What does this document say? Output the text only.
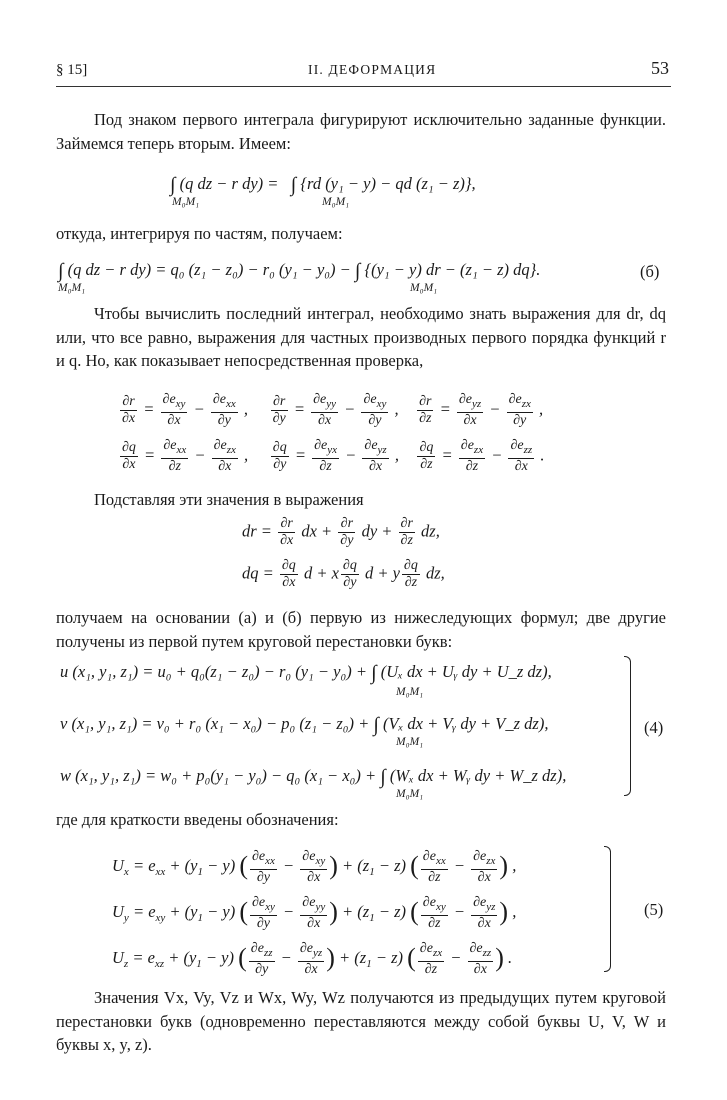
§ 15]	II. ДЕФОРМАЦИЯ	53
Под знаком первого интеграла фигурируют исключительно заданные функции. Займемся теперь вторым. Имеем:
∫ (q dz − r dy) = ∫ {rd (y₁ − y) − qd (z₁ − z)},
M₀M₁	M₀M₁
откуда, интегрируя по частям, получаем:
∫ (q dz − r dy) = q₀ (z₁ − z₀) − r₀ (y₁ − y₀) − ∫ {(y₁ − y) dr − (z₁ − z) dq}.	(б)
M₀M₁	M₀M₁
Чтобы вычислить последний интеграл, необходимо знать выражения для dr, dq или, что все равно, выражения для частных производных первого порядка функций r и q. Но, как показывает непосредственная проверка,
$\frac{\partial r}{\partial x} = \partial e_{xy}$
∂x
− $\partial e_{xx}$
∂y
, $\frac{\partial r}{\partial y} = \partial e_{yy}$
∂x
− $\partial e_{xy}$
∂y
, $\frac{\partial r}{\partial z} = \partial e_{yz}$
∂x
− $\partial e_{zx}$
∂y
,
$\frac{\partial q}{\partial x} = \partial e_{xx}$
∂z
− $\partial e_{zx}$
∂x
, $\frac{\partial q}{\partial y} = \partial e_{yx}$
∂z
− $\partial e_{yz}$
∂x
, $\frac{\partial q}{\partial z} = \partial e_{zx}$
∂z
− $\partial e_{zz}$
∂x
.
Подставляя эти значения в выражения
dr = $\frac{\partial r}{\partial x}$ dx + $\frac{\partial r}{\partial y}$ dy + $\frac{\partial r}{\partial z}$ dz,
dq = $\frac{\partial q}{\partial x}$ d + x $\frac{\partial q}{\partial y}$ d + y $\frac{\partial q}{\partial z}$ dz,
получаем на основании (а) и (б) первую из нижеследующих формул; две другие получены из первой путем круговой перестановки букв:
u (x₁, y₁, z₁) = u₀ + q₀(z₁ − z₀) − r₀ (y₁ − y₀) + ∫ (Uₓ dx + Uᵧ dy + U_z dz),
M₀M₁
v (x₁, y₁, z₁) = v₀ + r₀ (x₁ − x₀) − p₀ (z₁ − z₀) + ∫ (Vₓ dx + Vᵧ dy + V_z dz),
M₀M₁
w (x₁, y₁, z₁) = w₀ + p₀(y₁ − y₀) − q₀ (x₁ − x₀) + ∫ (Wₓ dx + Wᵧ dy + W_z dz),
M₀M₁
(4)
где для краткости введены обозначения:
$U_x = e_{xx} + (y_1 - y)$ ( $\partial e_{xx}$
∂y
− $\partial e_{xy}$
∂x ) + $(z_1 - z)$ ( $\partial e_{xx}$
∂z
− $\partial e_{zx}$
∂x ) ,
$U_y = e_{xy} + (y_1 - y)$ ( $\partial e_{xy}$
∂y
− $\partial e_{yy}$
∂x ) + $(z_1 - z)$ ( $\partial e_{xy}$
∂z
− $\partial e_{yz}$
∂x ) ,
$U_z = e_{xz} + (y_1 - y)$ ( $\partial e_{zz}$
∂y
− $\partial e_{yz}$
∂x ) + $(z_1 - z)$ ( $\partial e_{zx}$
∂z
− $\partial e_{zz}$
∂x ) .
(5)
Значения Vx, Vy, Vz и Wx, Wy, Wz получаются из предыдущих путем круговой перестановки букв (одновременно переставляются между собой буквы U, V, W и буквы x, y, z).
